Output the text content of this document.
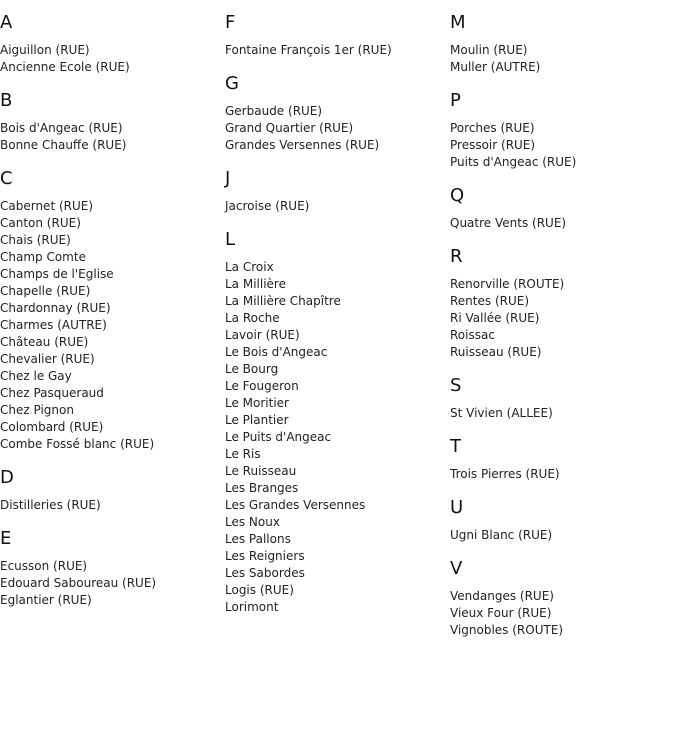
A
Aiguillon (RUE)
Ancienne Ecole (RUE)
B
Bois d'Angeac (RUE)
Bonne Chauffe (RUE)
C
Cabernet (RUE)
Canton (RUE)
Chais (RUE)
Champ Comte
Champs de l'Eglise
Chapelle (RUE)
Chardonnay (RUE)
Charmes (AUTRE)
Château (RUE)
Chevalier (RUE)
Chez le Gay
Chez Pasqueraud
Chez Pignon
Colombard (RUE)
Combe Fossé blanc (RUE)
D
Distilleries (RUE)
E
Ecusson (RUE)
Edouard Saboureau (RUE)
Eglantier (RUE)
F
Fontaine François 1er (RUE)
G
Gerbaude (RUE)
Grand Quartier (RUE)
Grandes Versennes (RUE)
J
Jacroise (RUE)
L
La Croix
La Millière
La Millière Chapître
La Roche
Lavoir (RUE)
Le Bois d'Angeac
Le Bourg
Le Fougeron
Le Moritier
Le Plantier
Le Puits d'Angeac
Le Ris
Le Ruisseau
Les Branges
Les Grandes Versennes
Les Noux
Les Pallons
Les Reigniers
Les Sabordes
Logis (RUE)
Lorimont
M
Moulin (RUE)
Muller (AUTRE)
P
Porches (RUE)
Pressoir (RUE)
Puits d'Angeac (RUE)
Q
Quatre Vents (RUE)
R
Renorville (ROUTE)
Rentes (RUE)
Ri Vallée (RUE)
Roissac
Ruisseau (RUE)
S
St Vivien (ALLEE)
T
Trois Pierres (RUE)
U
Ugni Blanc (RUE)
V
Vendanges (RUE)
Vieux Four (RUE)
Vignobles (ROUTE)
